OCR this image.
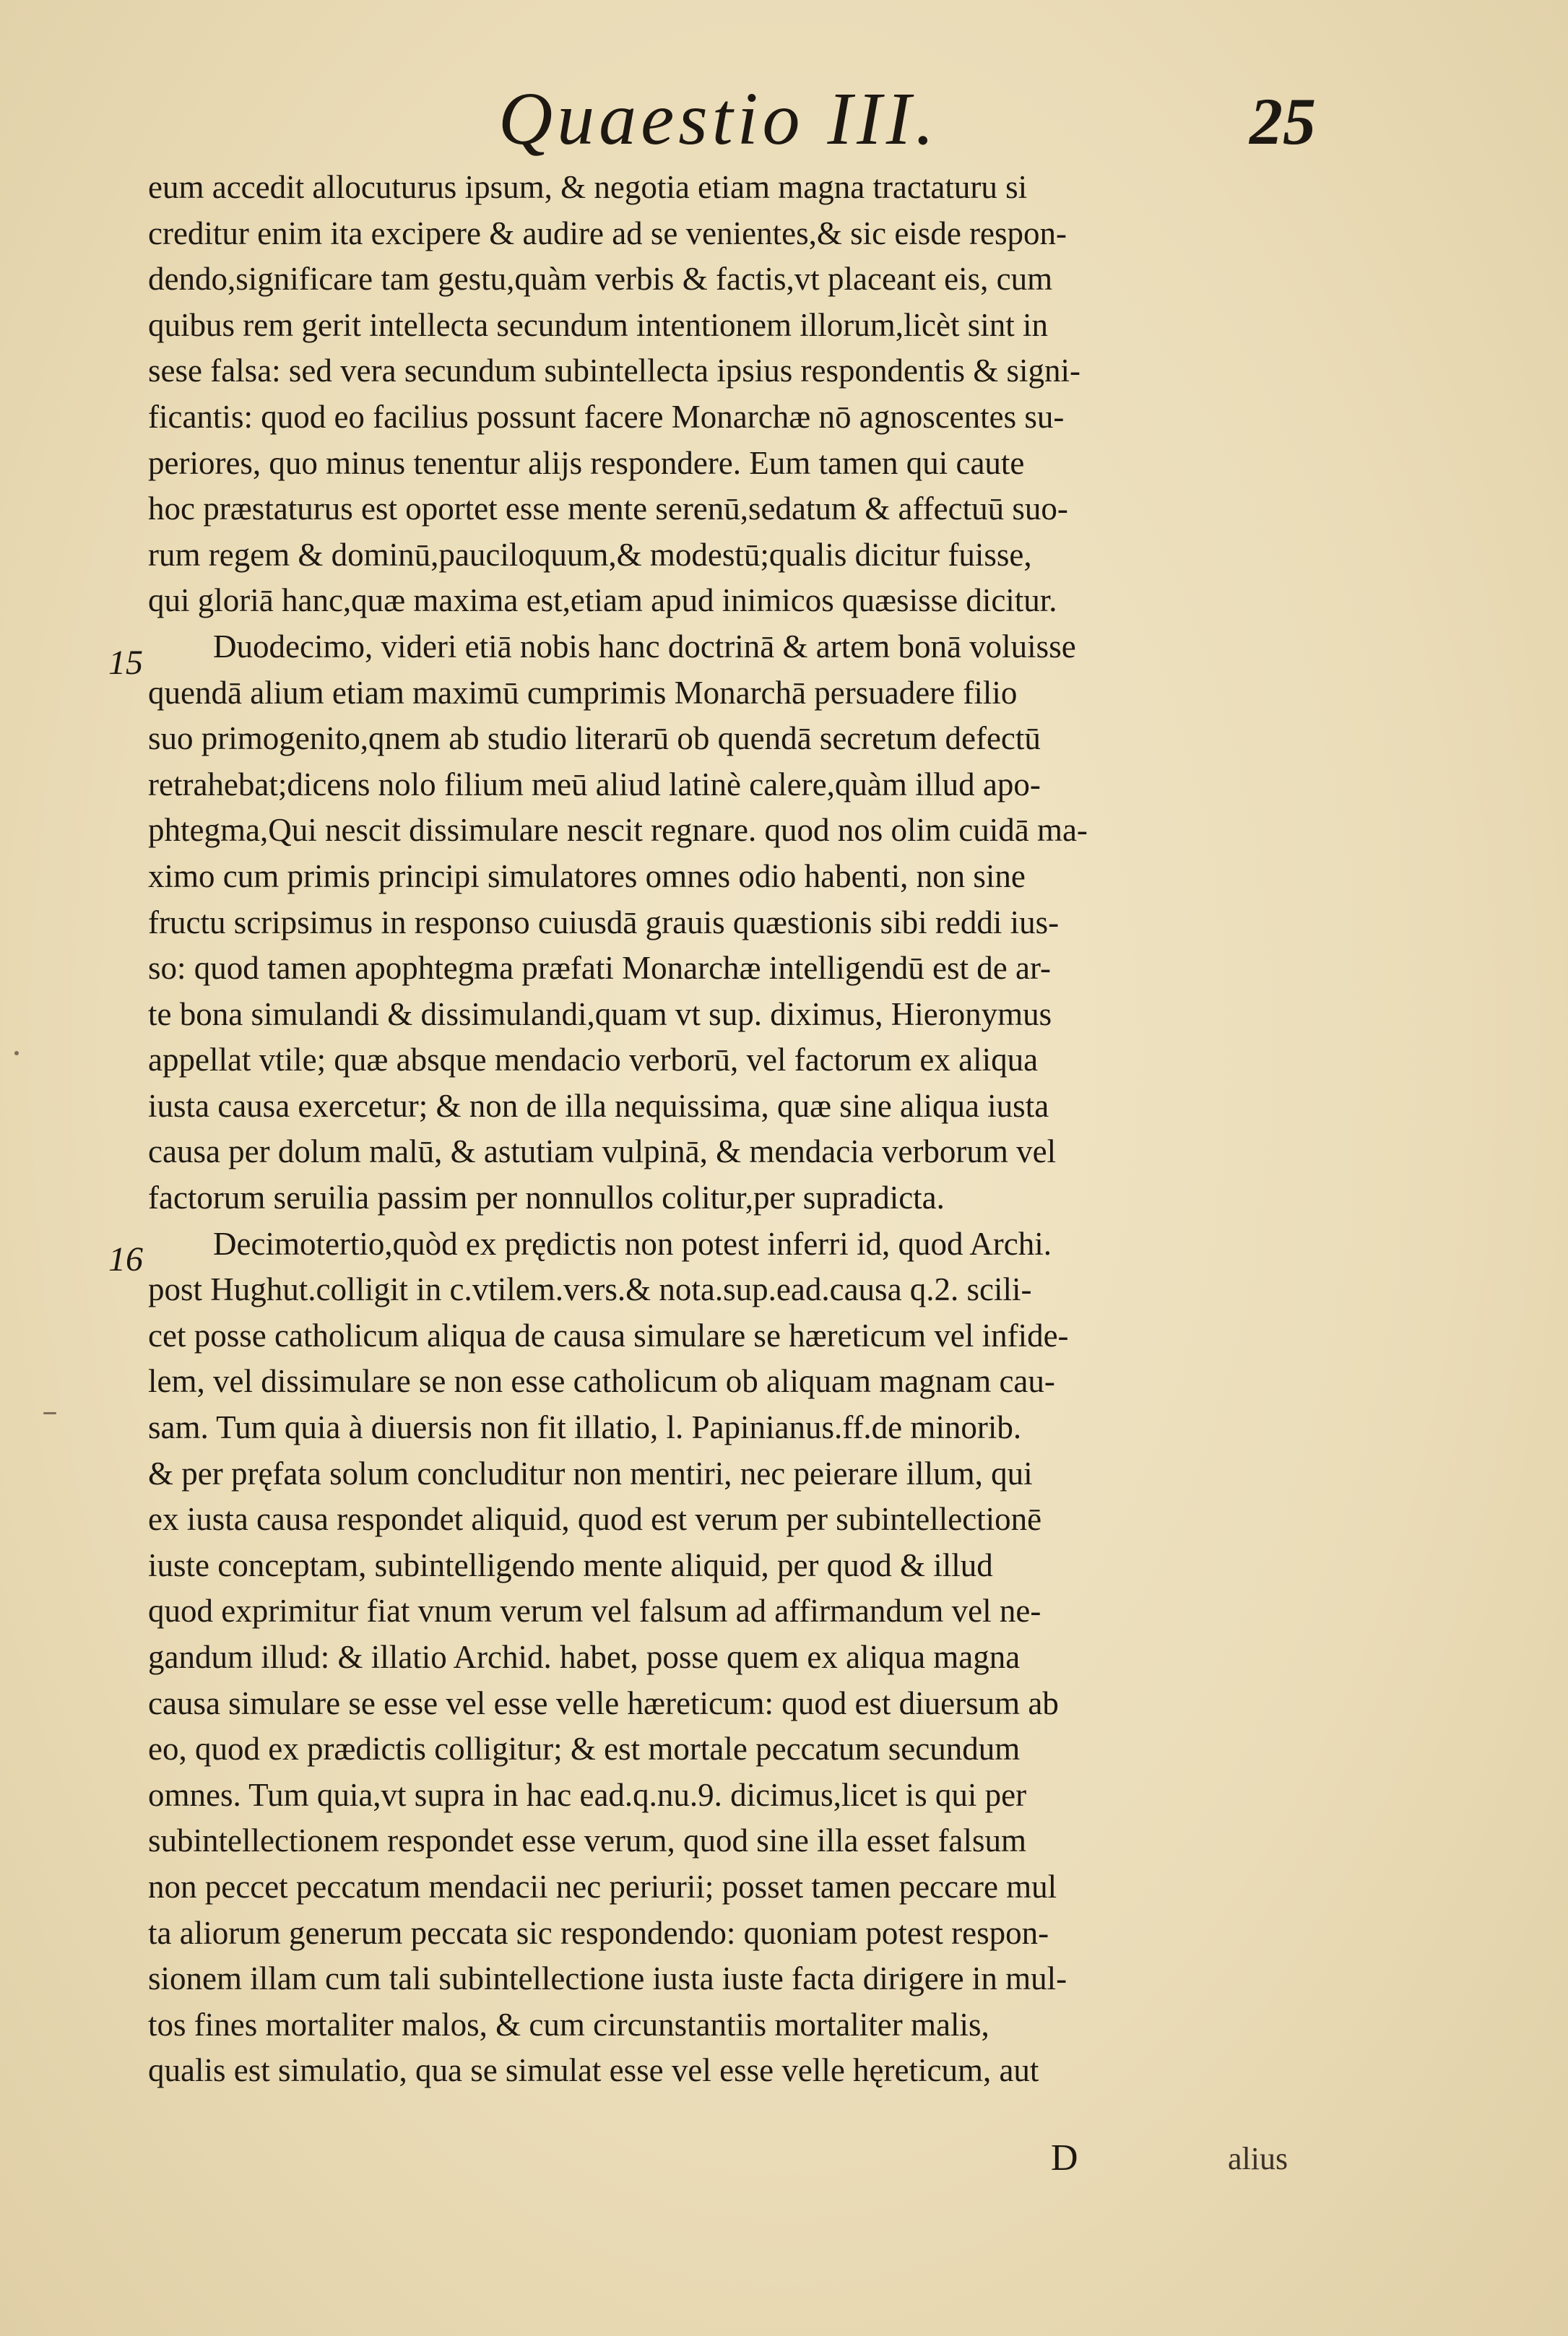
Quaestio III.	25
15
16
eum accedit allocuturus ipsum, & negotia etiam magna tractaturu si
creditur enim ita excipere & audire ad se venientes,& sic eisde respon-
dendo,significare tam gestu,quàm verbis & factis,vt placeant eis, cum
quibus rem gerit intellecta secundum intentionem illorum,licèt sint in
sese falsa: sed vera secundum subintellecta ipsius respondentis & signi-
ficantis: quod eo facilius possunt facere Monarchæ nō agnoscentes su-
periores, quo minus tenentur alijs respondere. Eum tamen qui caute
hoc præstaturus est oportet esse mente serenū,sedatum & affectuū suo-
rum regem & dominū,pauciloquum,& modestū;qualis dicitur fuisse,
qui gloriā hanc,quæ maxima est,etiam apud inimicos quæsisse dicitur.
Duodecimo, videri etiā nobis hanc doctrinā & artem bonā voluisse
quendā alium etiam maximū cumprimis Monarchā persuadere filio
suo primogenito,qnem ab studio literarū ob quendā secretum defectū
retrahebat;dicens nolo filium meū aliud latinè calere,quàm illud apo-
phtegma,Qui nescit dissimulare nescit regnare. quod nos olim cuidā ma-
ximo cum primis principi simulatores omnes odio habenti, non sine
fructu scripsimus in responso cuiusdā grauis quæstionis sibi reddi ius-
so: quod tamen apophtegma præfati Monarchæ intelligendū est de ar-
te bona simulandi & dissimulandi,quam vt sup. diximus, Hieronymus
appellat vtile; quæ absque mendacio verborū, vel factorum ex aliqua
iusta causa exercetur; & non de illa nequissima, quæ sine aliqua iusta
causa per dolum malū, & astutiam vulpinā, & mendacia verborum vel
factorum seruilia passim per nonnullos colitur,per supradicta.
Decimotertio,quòd ex prędictis non potest inferri id, quod Archi.
post Hughut.colligit in c.vtilem.vers.& nota.sup.ead.causa q.2. scili-
cet posse catholicum aliqua de causa simulare se hæreticum vel infide-
lem, vel dissimulare se non esse catholicum ob aliquam magnam cau-
sam. Tum quia à diuersis non fit illatio, l. Papinianus.ff.de minorib.
& per pręfata solum concluditur non mentiri, nec peierare illum, qui
ex iusta causa respondet aliquid, quod est verum per subintellectionē
iuste conceptam, subintelligendo mente aliquid, per quod & illud
quod exprimitur fiat vnum verum vel falsum ad affirmandum vel ne-
gandum illud: & illatio Archid. habet, posse quem ex aliqua magna
causa simulare se esse vel esse velle hæreticum: quod est diuersum ab
eo, quod ex prædictis colligitur; & est mortale peccatum secundum
omnes. Tum quia,vt supra in hac ead.q.nu.9. dicimus,licet is qui per
subintellectionem respondet esse verum, quod sine illa esset falsum
non peccet peccatum mendacii nec periurii; posset tamen peccare mul
ta aliorum generum peccata sic respondendo: quoniam potest respon-
sionem illam cum tali subintellectione iusta iuste facta dirigere in mul-
tos fines mortaliter malos, & cum circunstantiis mortaliter malis,
qualis est simulatio, qua se simulat esse vel esse velle hęreticum, aut
D	alius
